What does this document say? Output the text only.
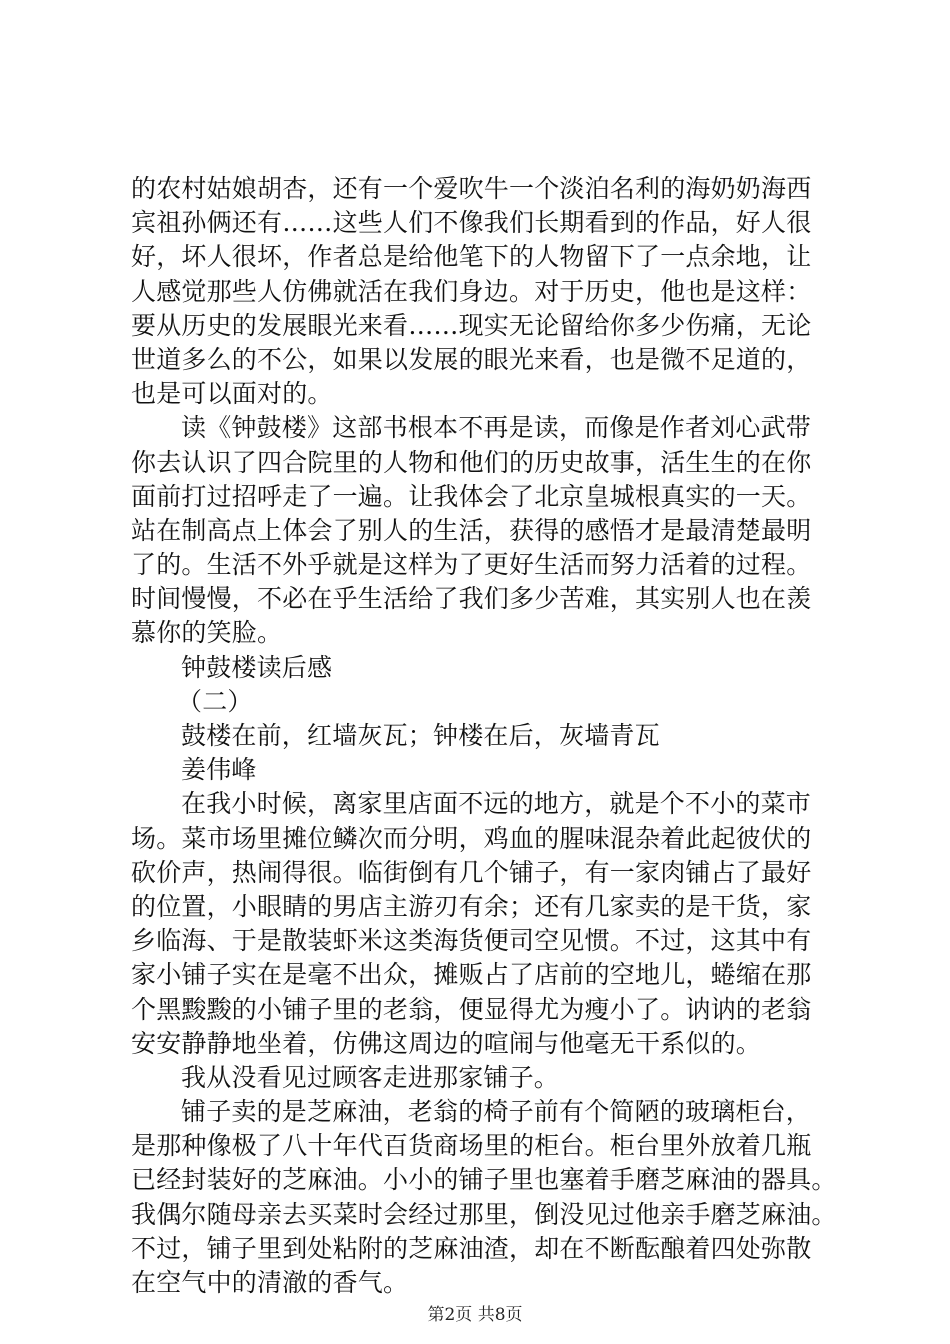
的农村姑娘胡杏，还有一个爱吹牛一个淡泊名利的海奶奶海西
宾祖孙俩还有……这些人们不像我们长期看到的作品，好人很
好，坏人很坏，作者总是给他笔下的人物留下了一点余地，让
人感觉那些人仿佛就活在我们身边。对于历史，他也是这样：
要从历史的发展眼光来看……现实无论留给你多少伤痛，无论
世道多么的不公，如果以发展的眼光来看，也是微不足道的，
也是可以面对的。
读《钟鼓楼》这部书根本不再是读，而像是作者刘心武带
你去认识了四合院里的人物和他们的历史故事，活生生的在你
面前打过招呼走了一遍。让我体会了北京皇城根真实的一天。
站在制高点上体会了别人的生活，获得的感悟才是最清楚最明
了的。生活不外乎就是这样为了更好生活而努力活着的过程。
时间慢慢，不必在乎生活给了我们多少苦难，其实别人也在羡
慕你的笑脸。
钟鼓楼读后感
（二）
鼓楼在前，红墙灰瓦；钟楼在后，灰墙青瓦
姜伟峰
在我小时候，离家里店面不远的地方，就是个不小的菜市
场。菜市场里摊位鳞次而分明，鸡血的腥味混杂着此起彼伏的
砍价声，热闹得很。临街倒有几个铺子，有一家肉铺占了最好
的位置，小眼睛的男店主游刃有余；还有几家卖的是干货，家
乡临海、于是散装虾米这类海货便司空见惯。不过，这其中有
家小铺子实在是毫不出众，摊贩占了店前的空地儿，蜷缩在那
个黑黢黢的小铺子里的老翁，便显得尤为瘦小了。讷讷的老翁
安安静静地坐着，仿佛这周边的喧闹与他毫无干系似的。
我从没看见过顾客走进那家铺子。
铺子卖的是芝麻油，老翁的椅子前有个简陋的玻璃柜台，
是那种像极了八十年代百货商场里的柜台。柜台里外放着几瓶
已经封装好的芝麻油。小小的铺子里也塞着手磨芝麻油的器具。
我偶尔随母亲去买菜时会经过那里，倒没见过他亲手磨芝麻油。
不过，铺子里到处粘附的芝麻油渣，却在不断酝酿着四处弥散
在空气中的清澈的香气。
第2页 共8页
